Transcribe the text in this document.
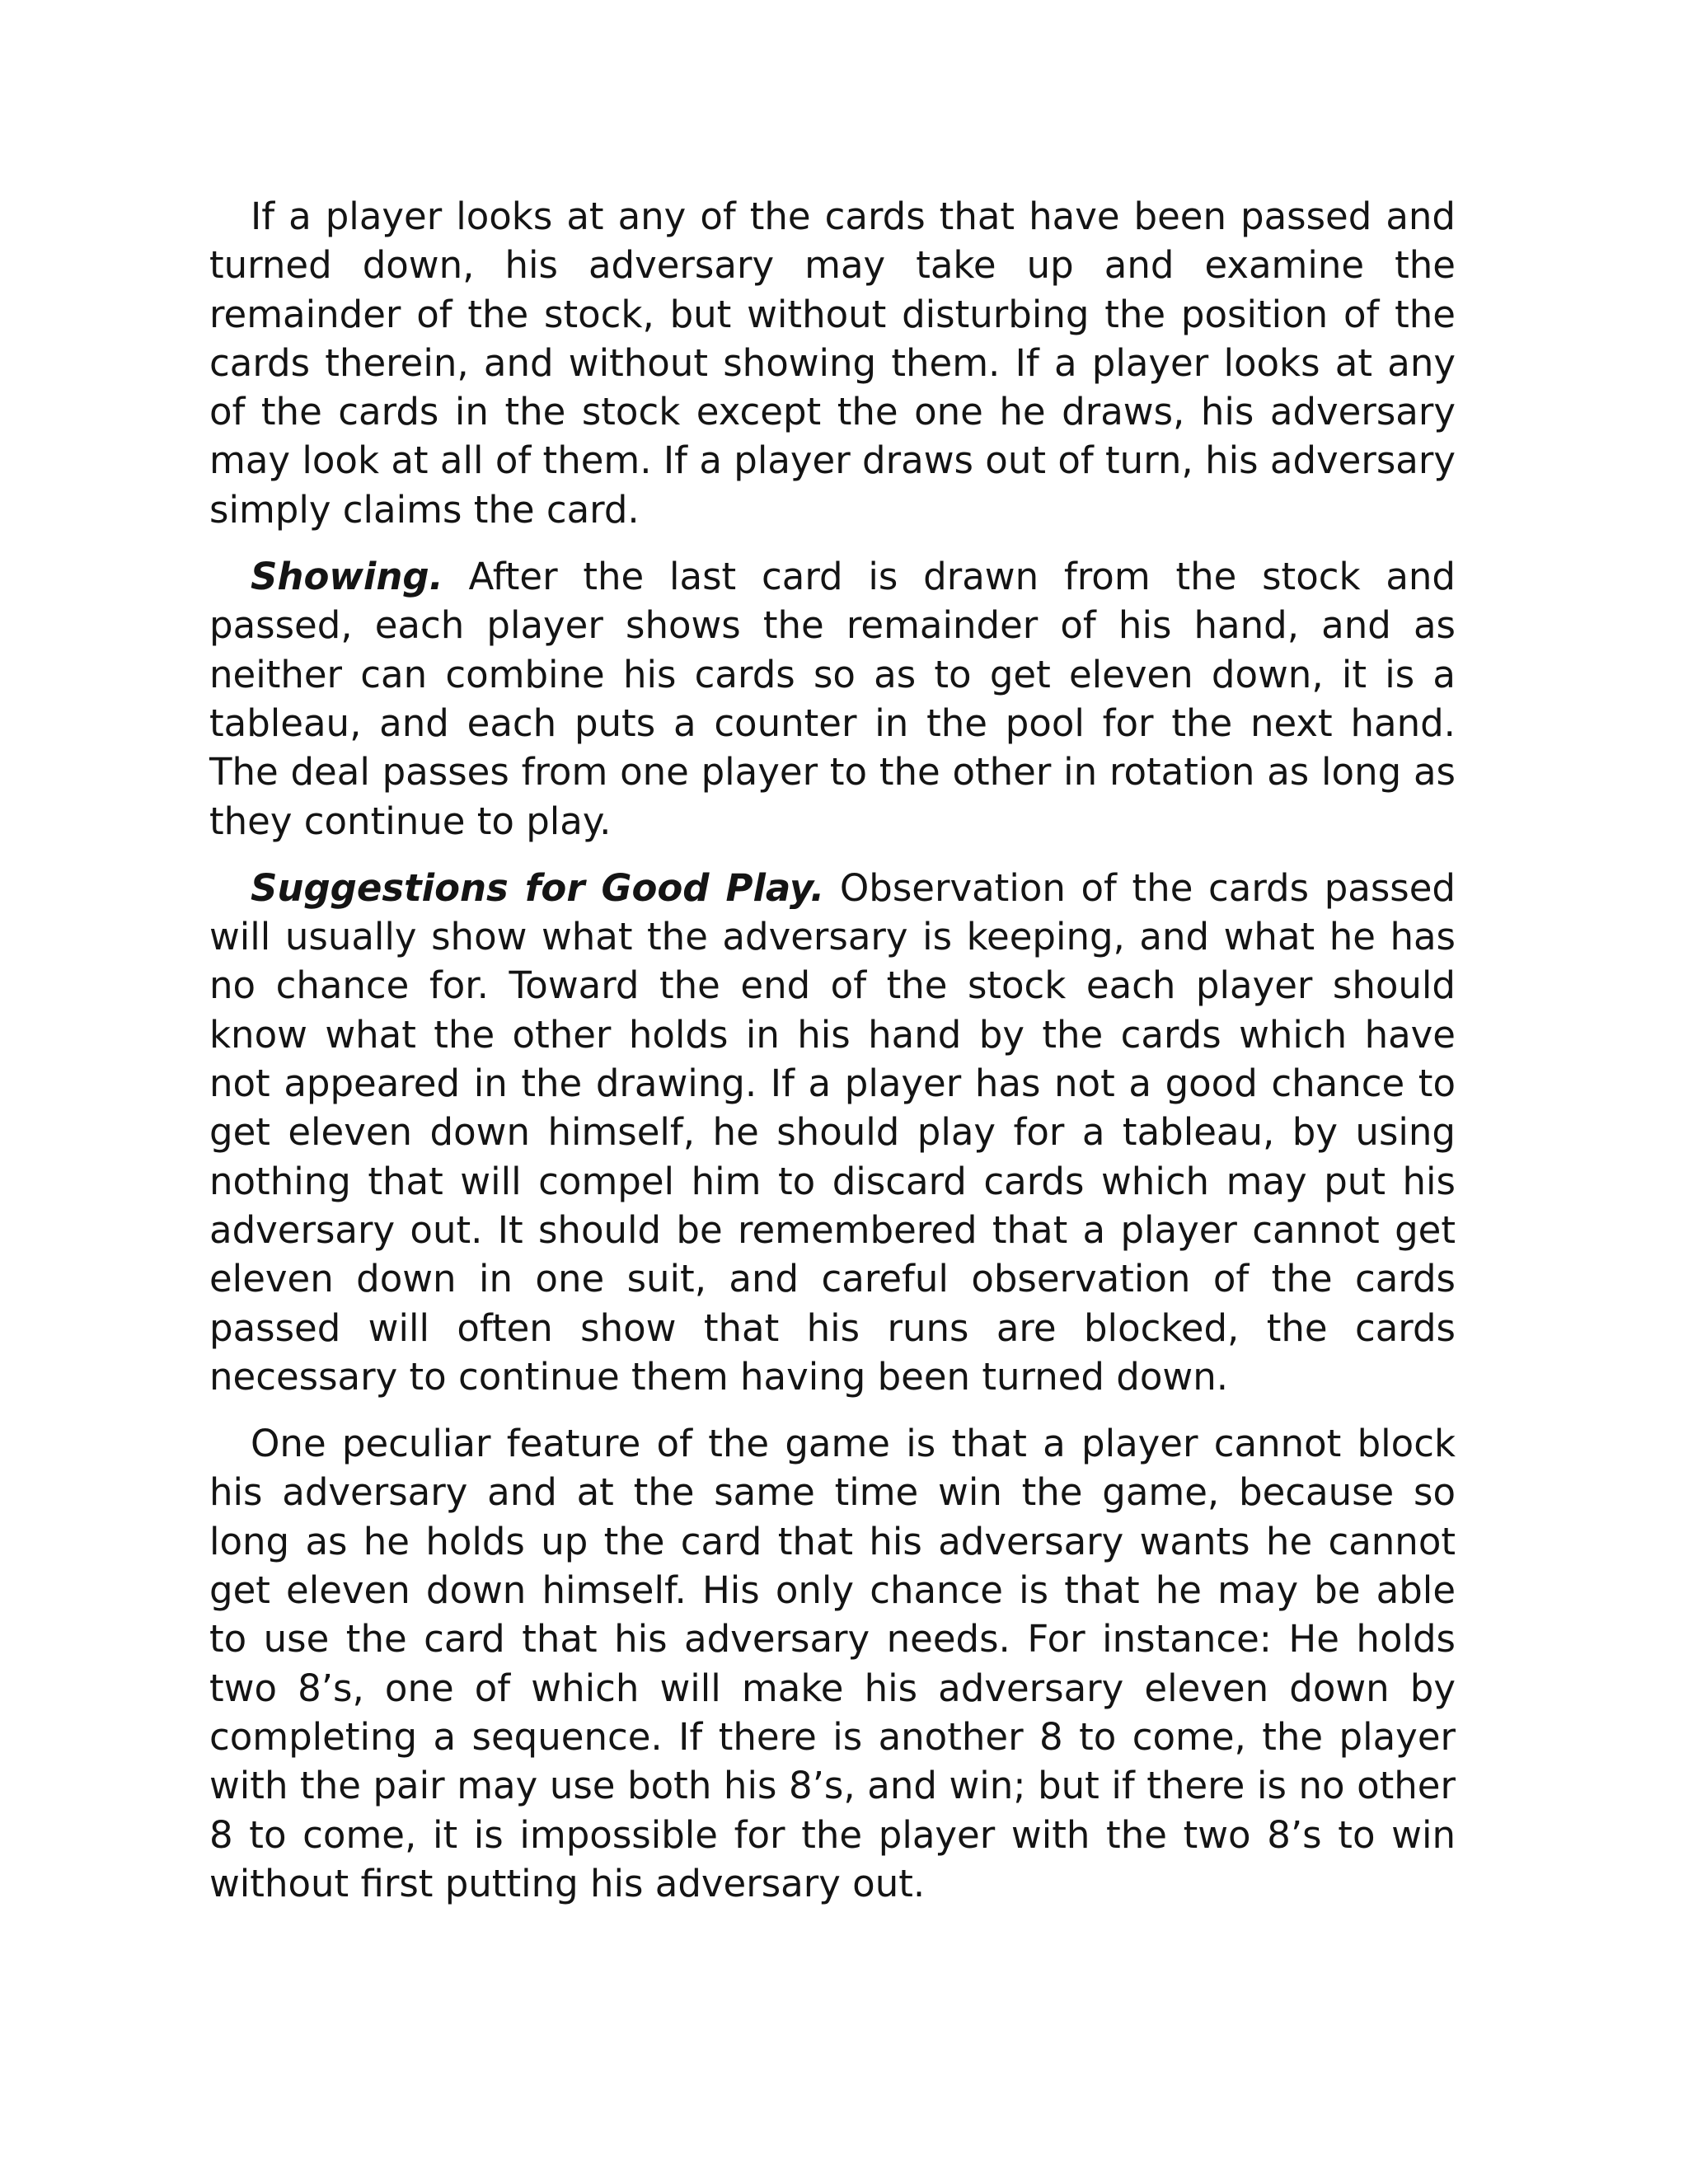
If a player looks at any of the cards that have been passed and turned down, his adversary may take up and examine the remainder of the stock, but without disturbing the position of the cards therein, and without showing them. If a player looks at any of the cards in the stock except the one he draws, his adversary may look at all of them. If a player draws out of turn, his adversary simply claims the card.

Showing. After the last card is drawn from the stock and passed, each player shows the remainder of his hand, and as neither can combine his cards so as to get eleven down, it is a tableau, and each puts a counter in the pool for the next hand. The deal passes from one player to the other in rotation as long as they continue to play.

Suggestions for Good Play. Observation of the cards passed will usually show what the adversary is keeping, and what he has no chance for. Toward the end of the stock each player should know what the other holds in his hand by the cards which have not appeared in the drawing. If a player has not a good chance to get eleven down himself, he should play for a tableau, by using nothing that will compel him to discard cards which may put his adversary out. It should be remembered that a player cannot get eleven down in one suit, and careful observation of the cards passed will often show that his runs are blocked, the cards necessary to continue them having been turned down.

One peculiar feature of the game is that a player cannot block his adversary and at the same time win the game, because so long as he holds up the card that his adversary wants he cannot get eleven down himself. His only chance is that he may be able to use the card that his adversary needs. For instance: He holds two 8’s, one of which will make his adversary eleven down by completing a sequence. If there is another 8 to come, the player with the pair may use both his 8’s, and win; but if there is no other 8 to come, it is impossible for the player with the two 8’s to win without first putting his adversary out.
